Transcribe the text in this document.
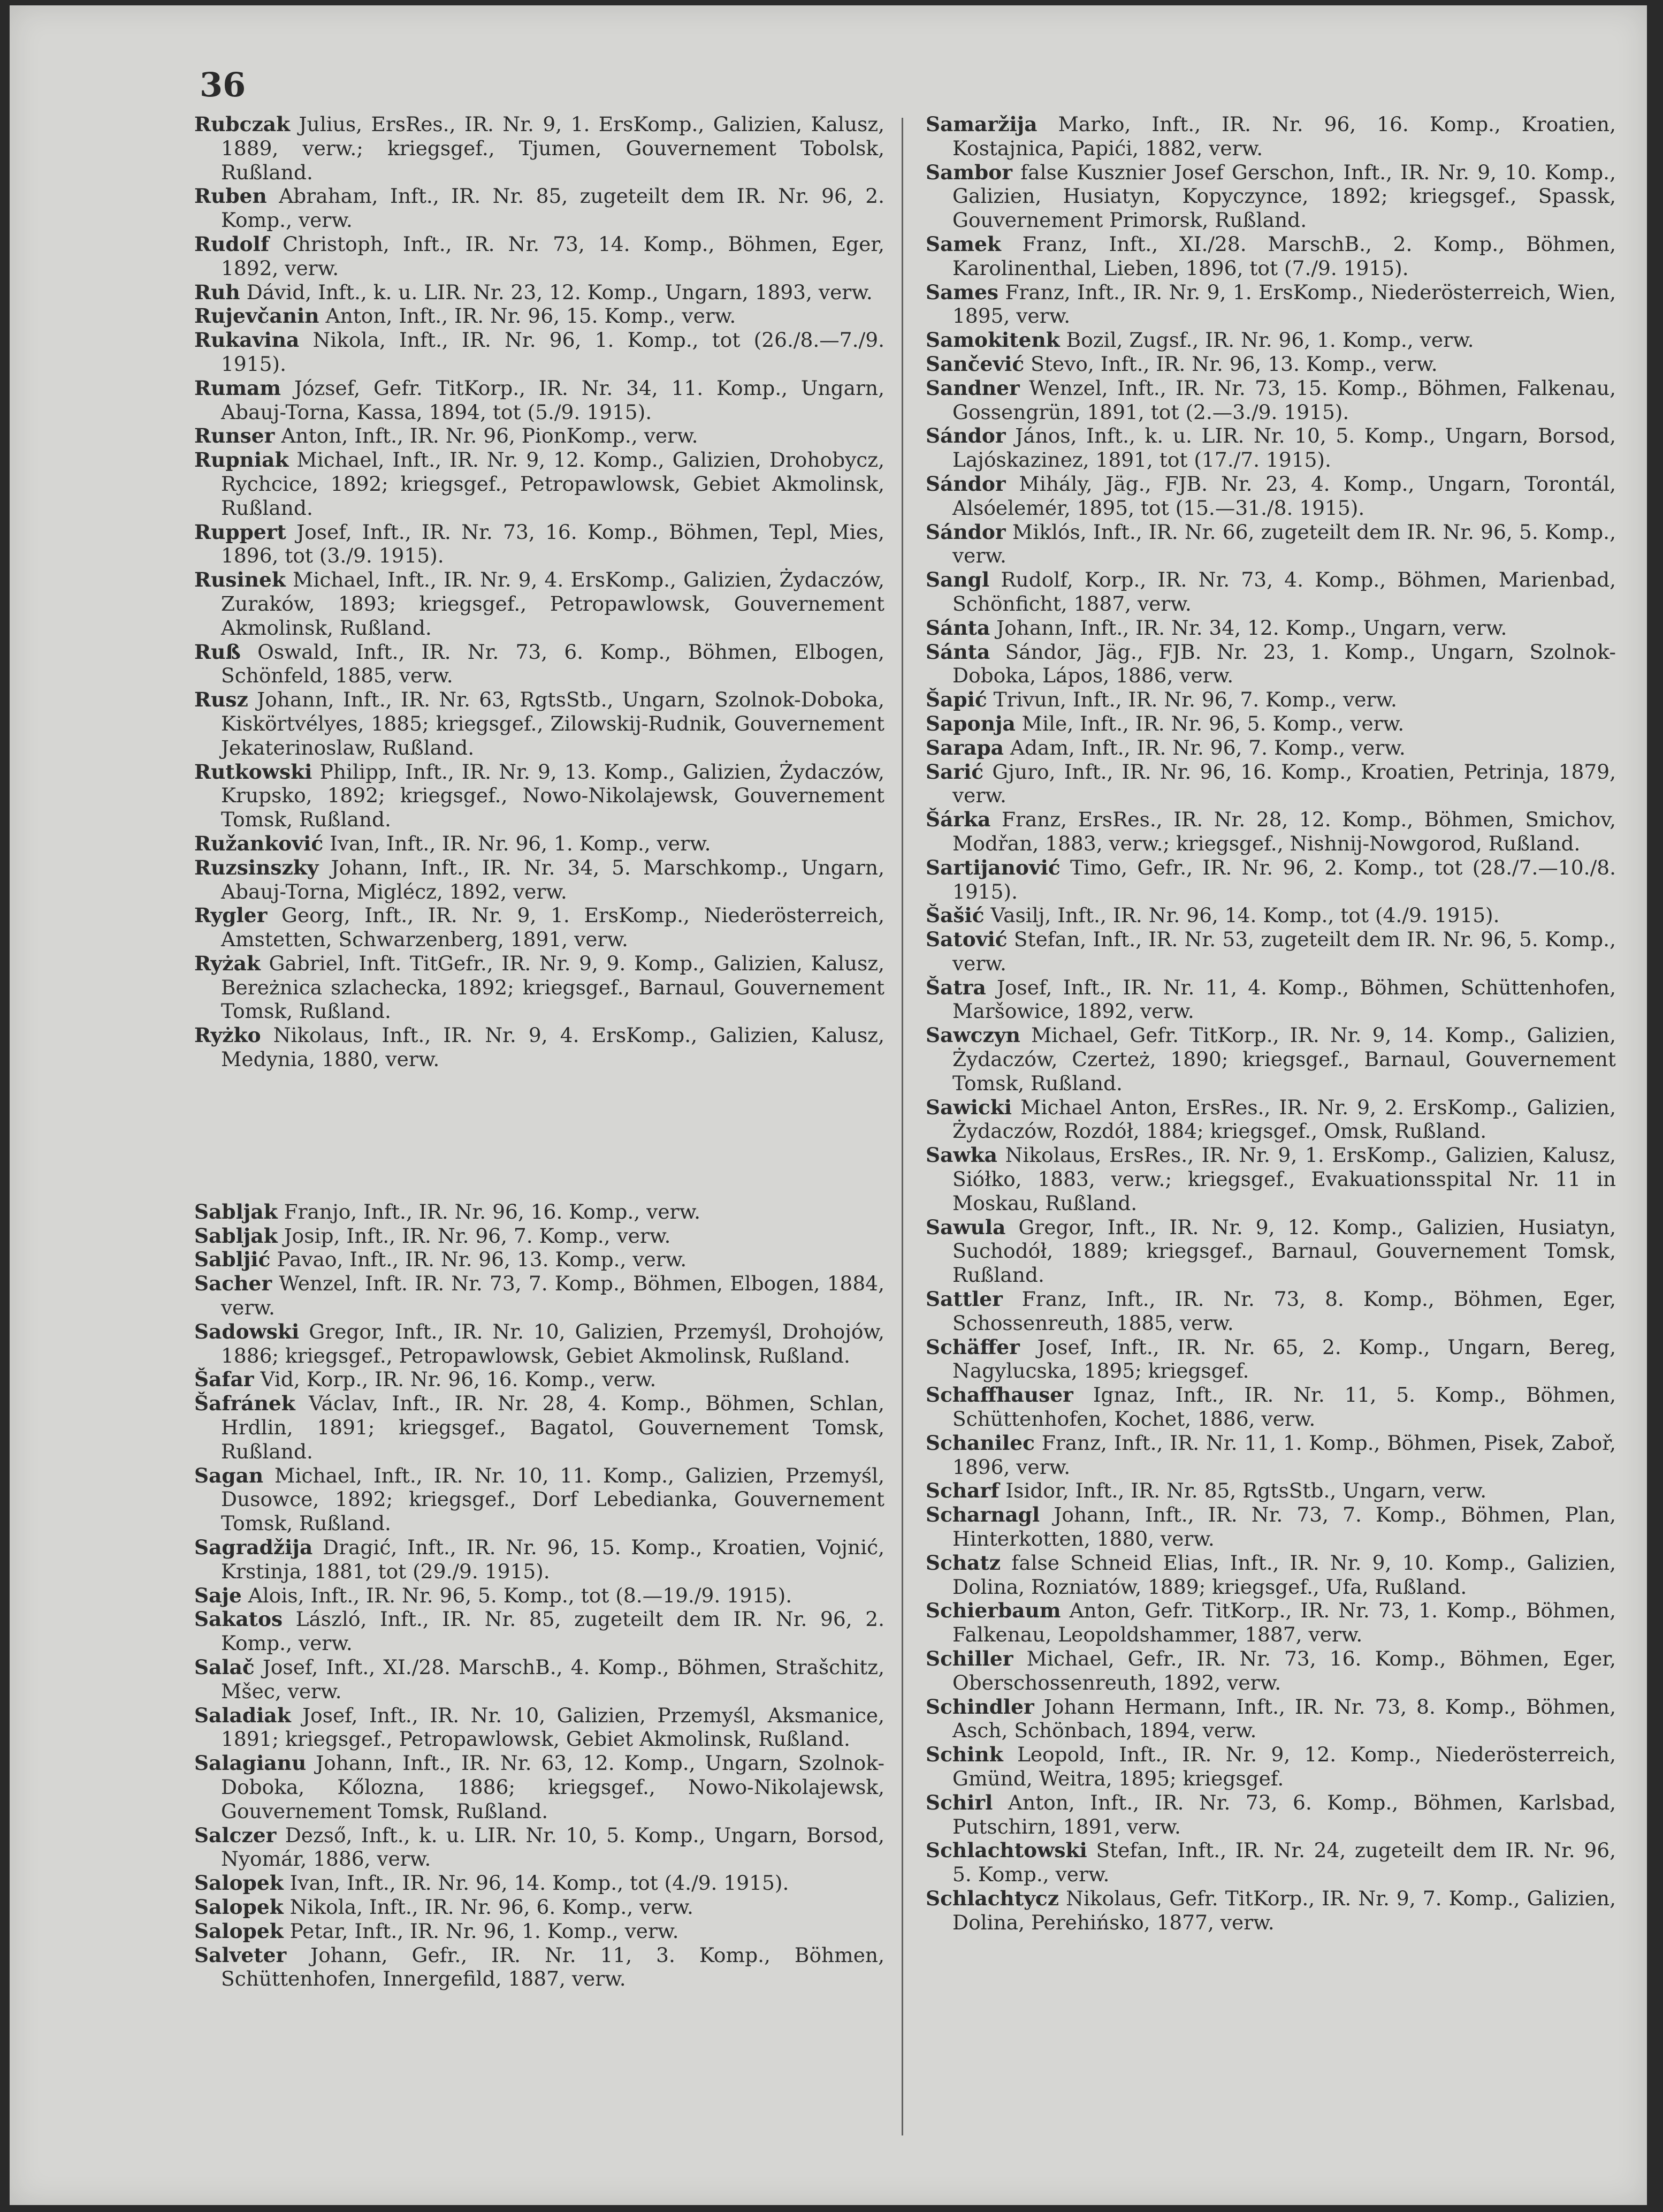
36

Rubczak Julius, ErsRes., IR. Nr. 9, 1. ErsKomp., Galizien, Kalusz, 1889, verw.; kriegsgef., Tjumen, Gouvernement Tobolsk, Rußland.

Ruben Abraham, Inft., IR. Nr. 85, zugeteilt dem IR. Nr. 96, 2. Komp., verw.

Rudolf Christoph, Inft., IR. Nr. 73, 14. Komp., Böhmen, Eger, 1892, verw.

Ruh Dávid, Inft., k. u. LIR. Nr. 23, 12. Komp., Ungarn, 1893, verw.

Rujevčanin Anton, Inft., IR. Nr. 96, 15. Komp., verw.

Rukavina Nikola, Inft., IR. Nr. 96, 1. Komp., tot (26./8.—7./9. 1915).

Rumam József, Gefr. TitKorp., IR. Nr. 34, 11. Komp., Ungarn, Abauj-Torna, Kassa, 1894, tot (5./9. 1915).

Runser Anton, Inft., IR. Nr. 96, PionKomp., verw.

Rupniak Michael, Inft., IR. Nr. 9, 12. Komp., Galizien, Drohobycz, Rychcice, 1892; kriegsgef., Petropawlowsk, Gebiet Akmolinsk, Rußland.

Ruppert Josef, Inft., IR. Nr. 73, 16. Komp., Böhmen, Tepl, Mies, 1896, tot (3./9. 1915).

Rusinek Michael, Inft., IR. Nr. 9, 4. ErsKomp., Galizien, Żydaczów, Zuraków, 1893; kriegsgef., Petropawlowsk, Gouvernement Akmolinsk, Rußland.

Ruß Oswald, Inft., IR. Nr. 73, 6. Komp., Böhmen, Elbogen, Schönfeld, 1885, verw.

Rusz Johann, Inft., IR. Nr. 63, RgtsStb., Ungarn, Szolnok-Doboka, Kiskörtvélyes, 1885; kriegsgef., Zilowskij-Rudnik, Gouvernement Jekaterinoslaw, Rußland.

Rutkowski Philipp, Inft., IR. Nr. 9, 13. Komp., Galizien, Żydaczów, Krupsko, 1892; kriegsgef., Nowo-Nikolajewsk, Gouvernement Tomsk, Rußland.

Ružanković Ivan, Inft., IR. Nr. 96, 1. Komp., verw.

Ruzsinszky Johann, Inft., IR. Nr. 34, 5. Marschkomp., Ungarn, Abauj-Torna, Miglécz, 1892, verw.

Rygler Georg, Inft., IR. Nr. 9, 1. ErsKomp., Niederösterreich, Amstetten, Schwarzenberg, 1891, verw.

Ryżak Gabriel, Inft. TitGefr., IR. Nr. 9, 9. Komp., Galizien, Kalusz, Bereżnica szlachecka, 1892; kriegsgef., Barnaul, Gouvernement Tomsk, Rußland.

Ryżko Nikolaus, Inft., IR. Nr. 9, 4. ErsKomp., Galizien, Kalusz, Medynia, 1880, verw.

Sabljak Franjo, Inft., IR. Nr. 96, 16. Komp., verw.

Sabljak Josip, Inft., IR. Nr. 96, 7. Komp., verw.

Sabljić Pavao, Inft., IR. Nr. 96, 13. Komp., verw.

Sacher Wenzel, Inft. IR. Nr. 73, 7. Komp., Böhmen, Elbogen, 1884, verw.

Sadowski Gregor, Inft., IR. Nr. 10, Galizien, Przemyśl, Drohojów, 1886; kriegsgef., Petropawlowsk, Gebiet Akmolinsk, Rußland.

Šafar Vid, Korp., IR. Nr. 96, 16. Komp., verw.

Šafránek Václav, Inft., IR. Nr. 28, 4. Komp., Böhmen, Schlan, Hrdlin, 1891; kriegsgef., Bagatol, Gouvernement Tomsk, Rußland.

Sagan Michael, Inft., IR. Nr. 10, 11. Komp., Galizien, Przemyśl, Dusowce, 1892; kriegsgef., Dorf Lebedianka, Gouvernement Tomsk, Rußland.

Sagradžija Dragić, Inft., IR. Nr. 96, 15. Komp., Kroatien, Vojnić, Krstinja, 1881, tot (29./9. 1915).

Saje Alois, Inft., IR. Nr. 96, 5. Komp., tot (8.—19./9. 1915).

Sakatos László, Inft., IR. Nr. 85, zugeteilt dem IR. Nr. 96, 2. Komp., verw.

Salač Josef, Inft., XI./28. MarschB., 4. Komp., Böhmen, Strašchitz, Mšec, verw.

Saladiak Josef, Inft., IR. Nr. 10, Galizien, Przemyśl, Aksmanice, 1891; kriegsgef., Petropawlowsk, Gebiet Akmolinsk, Rußland.

Salagianu Johann, Inft., IR. Nr. 63, 12. Komp., Ungarn, Szolnok-Doboka, Kőlozna, 1886; kriegsgef., Nowo-Nikolajewsk, Gouvernement Tomsk, Rußland.

Salczer Dezső, Inft., k. u. LIR. Nr. 10, 5. Komp., Ungarn, Borsod, Nyomár, 1886, verw.

Salopek Ivan, Inft., IR. Nr. 96, 14. Komp., tot (4./9. 1915).

Salopek Nikola, Inft., IR. Nr. 96, 6. Komp., verw.

Salopek Petar, Inft., IR. Nr. 96, 1. Komp., verw.

Salveter Johann, Gefr., IR. Nr. 11, 3. Komp., Böhmen, Schüttenhofen, Innergefild, 1887, verw.

Samaržija Marko, Inft., IR. Nr. 96, 16. Komp., Kroatien, Kostajnica, Papići, 1882, verw.

Sambor false Kusznier Josef Gerschon, Inft., IR. Nr. 9, 10. Komp., Galizien, Husiatyn, Kopyczynce, 1892; kriegsgef., Spassk, Gouvernement Primorsk, Rußland.

Samek Franz, Inft., XI./28. MarschB., 2. Komp., Böhmen, Karolinenthal, Lieben, 1896, tot (7./9. 1915).

Sames Franz, Inft., IR. Nr. 9, 1. ErsKomp., Niederösterreich, Wien, 1895, verw.

Samokitenk Bozil, Zugsf., IR. Nr. 96, 1. Komp., verw.

Sančević Stevo, Inft., IR. Nr. 96, 13. Komp., verw.

Sandner Wenzel, Inft., IR. Nr. 73, 15. Komp., Böhmen, Falkenau, Gossengrün, 1891, tot (2.—3./9. 1915).

Sándor János, Inft., k. u. LIR. Nr. 10, 5. Komp., Ungarn, Borsod, Lajóskazinez, 1891, tot (17./7. 1915).

Sándor Mihály, Jäg., FJB. Nr. 23, 4. Komp., Ungarn, Torontál, Alsóelemér, 1895, tot (15.—31./8. 1915).

Sándor Miklós, Inft., IR. Nr. 66, zugeteilt dem IR. Nr. 96, 5. Komp., verw.

Sangl Rudolf, Korp., IR. Nr. 73, 4. Komp., Böhmen, Marienbad, Schönficht, 1887, verw.

Sánta Johann, Inft., IR. Nr. 34, 12. Komp., Ungarn, verw.

Sánta Sándor, Jäg., FJB. Nr. 23, 1. Komp., Ungarn, Szolnok-Doboka, Lápos, 1886, verw.

Šapić Trivun, Inft., IR. Nr. 96, 7. Komp., verw.

Saponja Mile, Inft., IR. Nr. 96, 5. Komp., verw.

Sarapa Adam, Inft., IR. Nr. 96, 7. Komp., verw.

Sarić Gjuro, Inft., IR. Nr. 96, 16. Komp., Kroatien, Petrinja, 1879, verw.

Šárka Franz, ErsRes., IR. Nr. 28, 12. Komp., Böhmen, Smichov, Modřan, 1883, verw.; kriegsgef., Nishnij-Nowgorod, Rußland.

Sartijanović Timo, Gefr., IR. Nr. 96, 2. Komp., tot (28./7.—10./8. 1915).

Šašić Vasilj, Inft., IR. Nr. 96, 14. Komp., tot (4./9. 1915).

Satović Stefan, Inft., IR. Nr. 53, zugeteilt dem IR. Nr. 96, 5. Komp., verw.

Šatra Josef, Inft., IR. Nr. 11, 4. Komp., Böhmen, Schüttenhofen, Maršowice, 1892, verw.

Sawczyn Michael, Gefr. TitKorp., IR. Nr. 9, 14. Komp., Galizien, Żydaczów, Czerteż, 1890; kriegsgef., Barnaul, Gouvernement Tomsk, Rußland.

Sawicki Michael Anton, ErsRes., IR. Nr. 9, 2. ErsKomp., Galizien, Żydaczów, Rozdół, 1884; kriegsgef., Omsk, Rußland.

Sawka Nikolaus, ErsRes., IR. Nr. 9, 1. ErsKomp., Galizien, Kalusz, Siółko, 1883, verw.; kriegsgef., Evakuationsspital Nr. 11 in Moskau, Rußland.

Sawula Gregor, Inft., IR. Nr. 9, 12. Komp., Galizien, Husiatyn, Suchodół, 1889; kriegsgef., Barnaul, Gouvernement Tomsk, Rußland.

Sattler Franz, Inft., IR. Nr. 73, 8. Komp., Böhmen, Eger, Schossenreuth, 1885, verw.

Schäffer Josef, Inft., IR. Nr. 65, 2. Komp., Ungarn, Bereg, Nagylucska, 1895; kriegsgef.

Schaffhauser Ignaz, Inft., IR. Nr. 11, 5. Komp., Böhmen, Schüttenhofen, Kochet, 1886, verw.

Schanilec Franz, Inft., IR. Nr. 11, 1. Komp., Böhmen, Pisek, Zaboř, 1896, verw.

Scharf Isidor, Inft., IR. Nr. 85, RgtsStb., Ungarn, verw.

Scharnagl Johann, Inft., IR. Nr. 73, 7. Komp., Böhmen, Plan, Hinterkotten, 1880, verw.

Schatz false Schneid Elias, Inft., IR. Nr. 9, 10. Komp., Galizien, Dolina, Rozniatów, 1889; kriegsgef., Ufa, Rußland.

Schierbaum Anton, Gefr. TitKorp., IR. Nr. 73, 1. Komp., Böhmen, Falkenau, Leopoldshammer, 1887, verw.

Schiller Michael, Gefr., IR. Nr. 73, 16. Komp., Böhmen, Eger, Oberschossenreuth, 1892, verw.

Schindler Johann Hermann, Inft., IR. Nr. 73, 8. Komp., Böhmen, Asch, Schönbach, 1894, verw.

Schink Leopold, Inft., IR. Nr. 9, 12. Komp., Niederösterreich, Gmünd, Weitra, 1895; kriegsgef.

Schirl Anton, Inft., IR. Nr. 73, 6. Komp., Böhmen, Karlsbad, Putschirn, 1891, verw.

Schlachtowski Stefan, Inft., IR. Nr. 24, zugeteilt dem IR. Nr. 96, 5. Komp., verw.

Schlachtycz Nikolaus, Gefr. TitKorp., IR. Nr. 9, 7. Komp., Galizien, Dolina, Perehińsko, 1877, verw.
